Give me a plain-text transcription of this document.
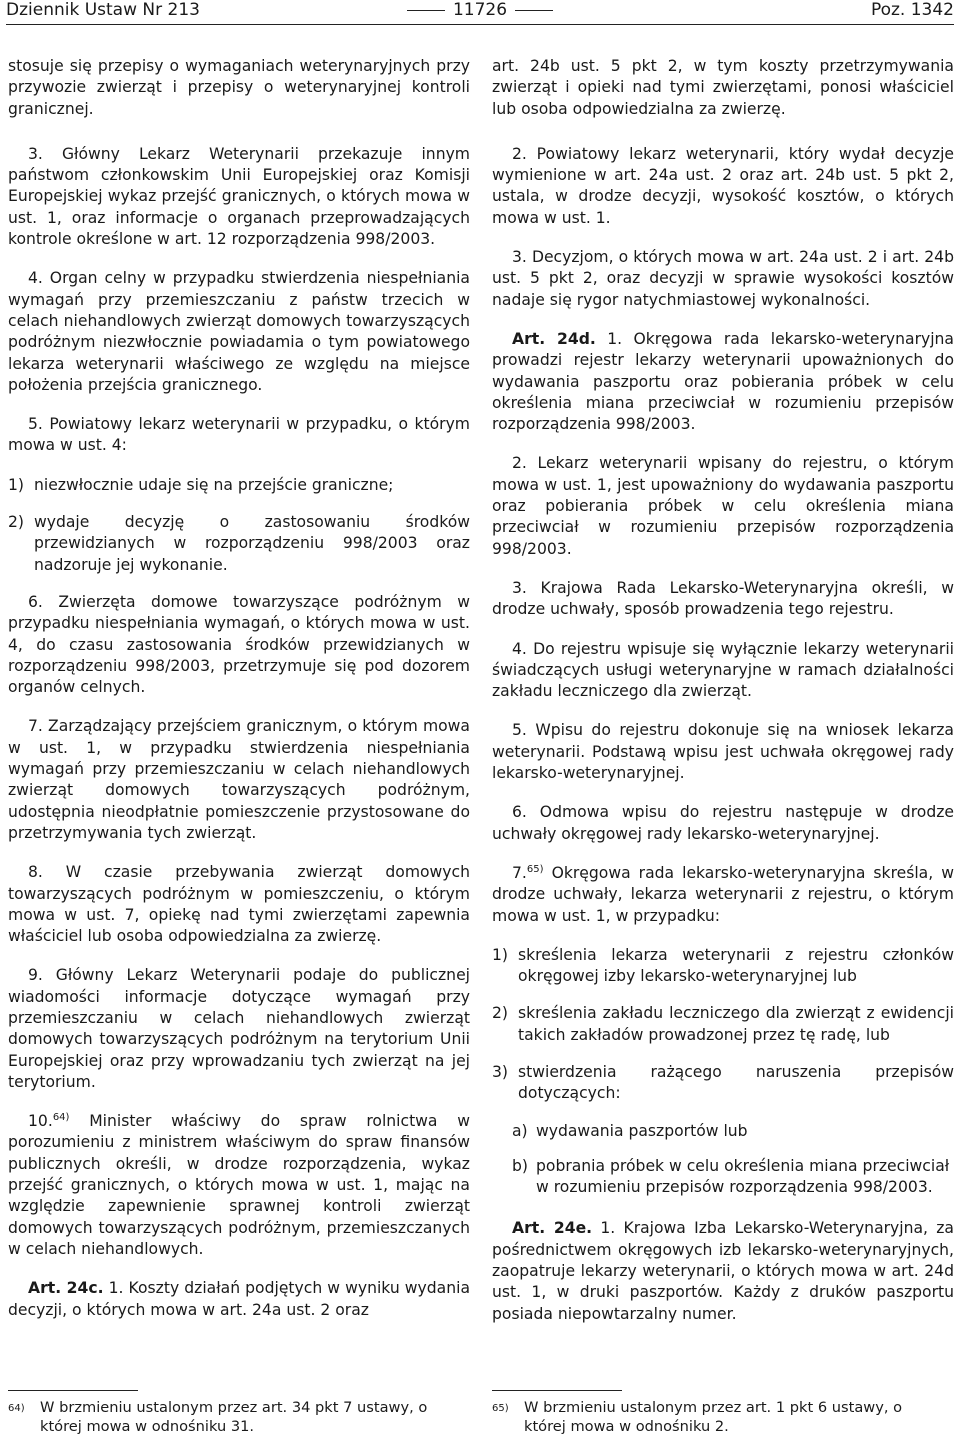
Dziennik Ustaw Nr 213	11726	Poz. 1342

stosuje się przepisy o wymaganiach weterynaryjnych przy przywozie zwierząt i przepisy o weterynaryjnej kontroli granicznej.

3. Główny Lekarz Weterynarii przekazuje innym państwom członkowskim Unii Europejskiej oraz Komisji Europejskiej wykaz przejść granicznych, o których mowa w ust. 1, oraz informacje o organach przeprowadzających kontrole określone w art. 12 rozporządzenia 998/2003.

4. Organ celny w przypadku stwierdzenia niespełniania wymagań przy przemieszczaniu z państw trzecich w celach niehandlowych zwierząt domowych towarzyszących podróżnym niezwłocznie powiadamia o tym powiatowego lekarza weterynarii właściwego ze względu na miejsce położenia przejścia granicznego.

5. Powiatowy lekarz weterynarii w przypadku, o którym mowa w ust. 4:

1) niezwłocznie udaje się na przejście graniczne;
2) wydaje decyzję o zastosowaniu środków przewidzianych w rozporządzeniu 998/2003 oraz nadzoruje jej wykonanie.

6. Zwierzęta domowe towarzyszące podróżnym w przypadku niespełniania wymagań, o których mowa w ust. 4, do czasu zastosowania środków przewidzianych w rozporządzeniu 998/2003, przetrzymuje się pod dozorem organów celnych.

7. Zarządzający przejściem granicznym, o którym mowa w ust. 1, w przypadku stwierdzenia niespełniania wymagań przy przemieszczaniu w celach niehandlowych zwierząt domowych towarzyszących podróżnym, udostępnia nieodpłatnie pomieszczenie przystosowane do przetrzymywania tych zwierząt.

8. W czasie przebywania zwierząt domowych towarzyszących podróżnym w pomieszczeniu, o którym mowa w ust. 7, opiekę nad tymi zwierzętami zapewnia właściciel lub osoba odpowiedzialna za zwierzę.

9. Główny Lekarz Weterynarii podaje do publicznej wiadomości informacje dotyczące wymagań przy przemieszczaniu w celach niehandlowych zwierząt domowych towarzyszących podróżnym na terytorium Unii Europejskiej oraz przy wprowadzaniu tych zwierząt na jej terytorium.

10.$^{64)}$ Minister właściwy do spraw rolnictwa w porozumieniu z ministrem właściwym do spraw finansów publicznych określi, w drodze rozporządzenia, wykaz przejść granicznych, o których mowa w ust. 1, mając na względzie zapewnienie sprawnej kontroli zwierząt domowych towarzyszących podróżnym, przemieszczanych w celach niehandlowych.

Art. 24c. 1. Koszty działań podjętych w wyniku wydania decyzji, o których mowa w art. 24a ust. 2 oraz

art. 24b ust. 5 pkt 2, w tym koszty przetrzymywania zwierząt i opieki nad tymi zwierzętami, ponosi właściciel lub osoba odpowiedzialna za zwierzę.

2. Powiatowy lekarz weterynarii, który wydał decyzje wymienione w art. 24a ust. 2 oraz art. 24b ust. 5 pkt 2, ustala, w drodze decyzji, wysokość kosztów, o których mowa w ust. 1.

3. Decyzjom, o których mowa w art. 24a ust. 2 i art. 24b ust. 5 pkt 2, oraz decyzji w sprawie wysokości kosztów nadaje się rygor natychmiastowej wykonalności.

Art. 24d. 1. Okręgowa rada lekarsko-weterynaryjna prowadzi rejestr lekarzy weterynarii upoważnionych do wydawania paszportu oraz pobierania próbek w celu określenia miana przeciwciał w rozumieniu przepisów rozporządzenia 998/2003.

2. Lekarz weterynarii wpisany do rejestru, o którym mowa w ust. 1, jest upoważniony do wydawania paszportu oraz pobierania próbek w celu określenia miana przeciwciał w rozumieniu przepisów rozporządzenia 998/2003.

3. Krajowa Rada Lekarsko-Weterynaryjna określi, w drodze uchwały, sposób prowadzenia tego rejestru.

4. Do rejestru wpisuje się wyłącznie lekarzy weterynarii świadczących usługi weterynaryjne w ramach działalności zakładu leczniczego dla zwierząt.

5. Wpisu do rejestru dokonuje się na wniosek lekarza weterynarii. Podstawą wpisu jest uchwała okręgowej rady lekarsko-weterynaryjnej.

6. Odmowa wpisu do rejestru następuje w drodze uchwały okręgowej rady lekarsko-weterynaryjnej.

7.$^{65)}$ Okręgowa rada lekarsko-weterynaryjna skreśla, w drodze uchwały, lekarza weterynarii z rejestru, o którym mowa w ust. 1, w przypadku:

1) skreślenia lekarza weterynarii z rejestru członków okręgowej izby lekarsko-weterynaryjnej lub
2) skreślenia zakładu leczniczego dla zwierząt z ewidencji takich zakładów prowadzonej przez tę radę, lub
3) stwierdzenia rażącego naruszenia przepisów dotyczących:
a) wydawania paszportów lub
b) pobrania próbek w celu określenia miana przeciwciał w rozumieniu przepisów rozporządzenia 998/2003.

Art. 24e. 1. Krajowa Izba Lekarsko-Weterynaryjna, za pośrednictwem okręgowych izb lekarsko-weterynaryjnych, zaopatruje lekarzy weterynarii, o których mowa w art. 24d ust. 1, w druki paszportów. Każdy z druków paszportu posiada niepowtarzalny numer.

64)	W brzmieniu ustalonym przez art. 34 pkt 7 ustawy, o której mowa w odnośniku 31.
65)	W brzmieniu ustalonym przez art. 1 pkt 6 ustawy, o której mowa w odnośniku 2.
